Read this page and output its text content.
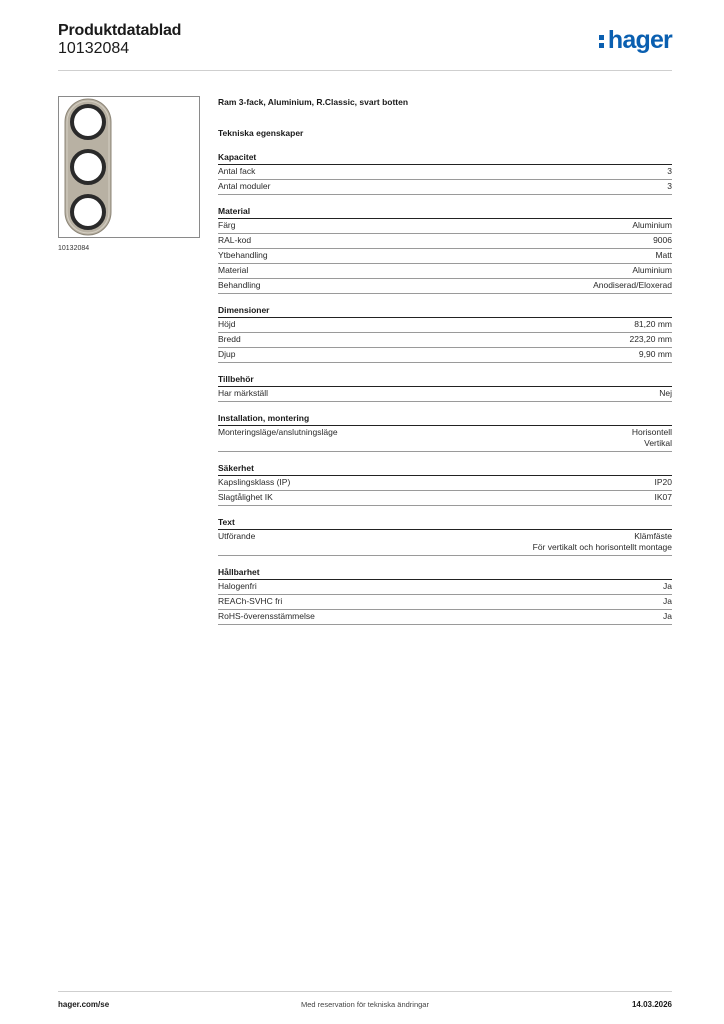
Produktdatablad
10132084	hager
10132084
Ram 3-fack, Aluminium, R.Classic, svart botten
Tekniska egenskaper
Kapacitet
Antal fack	3
Antal moduler	3
Material
Färg	Aluminium
RAL-kod	9006
Ytbehandling	Matt
Material	Aluminium
Behandling	Anodiserad/Eloxerad
Dimensioner
Höjd	81,20 mm
Bredd	223,20 mm
Djup	9,90 mm
Tillbehör
Har märkställ	Nej
Installation, montering
Monteringsläge/anslutningsläge	Horisontell
Vertikal
Säkerhet
Kapslingsklass (IP)	IP20
Slagtålighet IK	IK07
Text
Utförande	Klämfäste
För vertikalt och horisontellt montage
Hållbarhet
Halogenfri	Ja
REACh-SVHC fri	Ja
RoHS-överensstämmelse	Ja
hager.com/se	Med reservation för tekniska ändringar	14.03.2026
